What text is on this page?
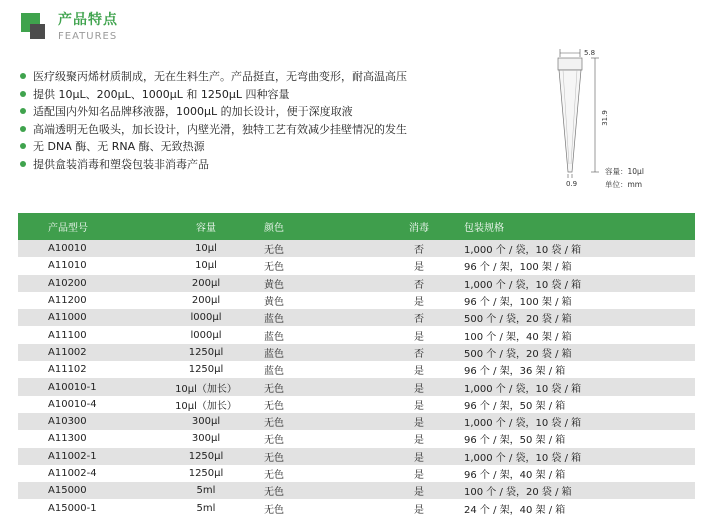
产品特点
FEATURES
医疗级聚丙烯材质制成，无在生料生产。产品挺直，无弯曲变形，耐高温高压
提供 10μL、200μL、1000μL 和 1250μL 四种容量
适配国内外知名品牌移液器，1000μL 的加长设计，便于深度取液
高端透明无色吸头，加长设计，内壁光滑，独特工艺有效减少挂壁情况的发生
无 DNA 酶、无 RNA 酶、无致热源
提供盒装消毒和塑袋包装非消毒产品
5.8
31.9
0.9
容量：10μl
单位：mm
产品型号	容量	颜色	消毒	包装规格
A10010	10μl	无色	否	1,000 个 / 袋，10 袋 / 箱
A11010	10μl	无色	是	96 个 / 架，100 架 / 箱
A10200	200μl	黄色	否	1,000 个 / 袋，10 袋 / 箱
A11200	200μl	黄色	是	96 个 / 架，100 架 / 箱
A11000	l000μl	蓝色	否	500 个 / 袋，20 袋 / 箱
A11100	l000μl	蓝色	是	100 个 / 架，40 架 / 箱
A11002	1250μl	蓝色	否	500 个 / 袋，20 袋 / 箱
A11102	1250μl	蓝色	是	96 个 / 架，36 架 / 箱
A10010-1	10μl（加长）	无色	是	1,000 个 / 袋，10 袋 / 箱
A10010-4	10μl（加长）	无色	是	96 个 / 架，50 架 / 箱
A10300	300μl	无色	是	1,000 个 / 袋，10 袋 / 箱
A11300	300μl	无色	是	96 个 / 架，50 架 / 箱
A11002-1	1250μl	无色	是	1,000 个 / 袋，10 袋 / 箱
A11002-4	1250μl	无色	是	96 个 / 架，40 架 / 箱
A15000	5ml	无色	是	100 个 / 袋，20 袋 / 箱
A15000-1	5ml	无色	是	24 个 / 架，40 架 / 箱
